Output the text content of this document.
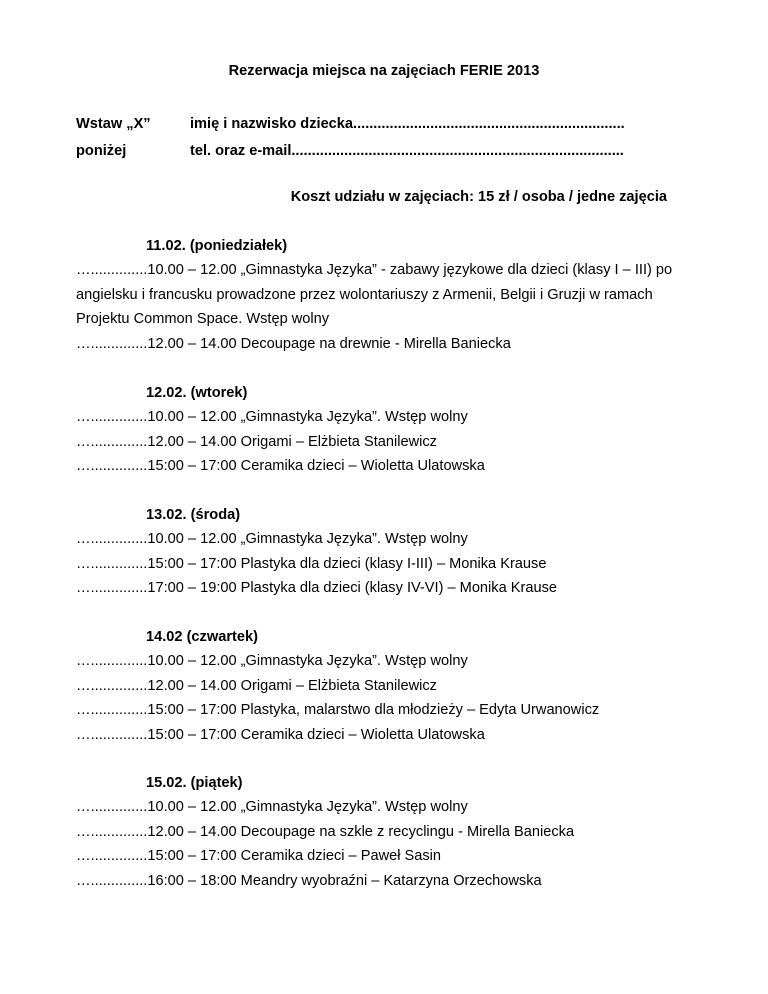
Rezerwacja miejsca na zajęciach FERIE 2013
Wstaw „X”
poniżej
imię i nazwisko dziecka...................................................................
tel. oraz e-mail..................................................................................
Koszt udziału w zajęciach: 15 zł / osoba / jedne zajęcia
11.02. (poniedziałek)
…..............10.00 – 12.00 „Gimnastyka Języka” - zabawy językowe dla dzieci (klasy I – III) po angielsku i francusku prowadzone przez wolontariuszy z Armenii, Belgii i Gruzji w ramach Projektu Common Space. Wstęp wolny
…..............12.00 – 14.00 Decoupage na drewnie - Mirella Baniecka
12.02. (wtorek)
…..............10.00 – 12.00 „Gimnastyka Języka”. Wstęp wolny
…..............12.00 – 14.00 Origami – Elżbieta Stanilewicz
…..............15:00 – 17:00 Ceramika dzieci – Wioletta Ulatowska
13.02. (środa)
…..............10.00 – 12.00 „Gimnastyka Języka”. Wstęp wolny
…..............15:00 – 17:00 Plastyka dla dzieci (klasy I-III) – Monika Krause
…..............17:00 – 19:00 Plastyka dla dzieci (klasy IV-VI) – Monika Krause
14.02 (czwartek)
…..............10.00 – 12.00 „Gimnastyka Języka”. Wstęp wolny
…..............12.00 – 14.00 Origami – Elżbieta Stanilewicz
…..............15:00 – 17:00 Plastyka, malarstwo dla młodzieży – Edyta Urwanowicz
…..............15:00 – 17:00 Ceramika dzieci – Wioletta Ulatowska
15.02. (piątek)
…..............10.00 – 12.00 „Gimnastyka Języka”. Wstęp wolny
…..............12.00 – 14.00 Decoupage na szkle z recyclingu - Mirella Baniecka
…..............15:00 – 17:00 Ceramika dzieci – Paweł Sasin
…..............16:00 – 18:00 Meandry wyobraźni – Katarzyna Orzechowska
